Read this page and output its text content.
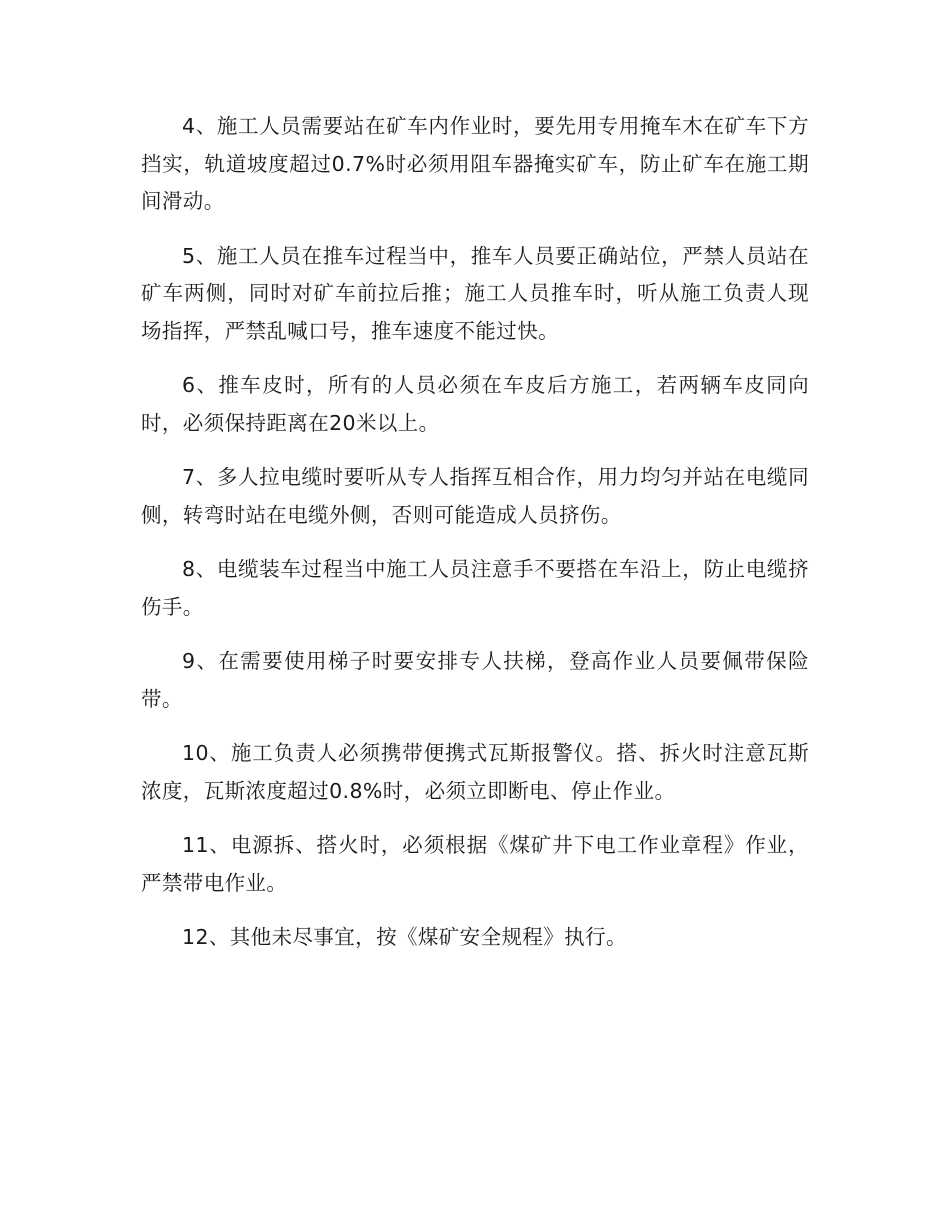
4、施工人员需要站在矿车内作业时，要先用专用掩车木在矿车下方挡实，轨道坡度超过0.7%时必须用阻车器掩实矿车，防止矿车在施工期间滑动。

5、施工人员在推车过程当中，推车人员要正确站位，严禁人员站在矿车两侧，同时对矿车前拉后推；施工人员推车时，听从施工负责人现场指挥，严禁乱喊口号，推车速度不能过快。

6、推车皮时，所有的人员必须在车皮后方施工，若两辆车皮同向时，必须保持距离在20米以上。

7、多人拉电缆时要听从专人指挥互相合作，用力均匀并站在电缆同侧，转弯时站在电缆外侧，否则可能造成人员挤伤。

8、电缆装车过程当中施工人员注意手不要搭在车沿上，防止电缆挤伤手。

9、在需要使用梯子时要安排专人扶梯，登高作业人员要佩带保险带。

10、施工负责人必须携带便携式瓦斯报警仪。搭、拆火时注意瓦斯浓度，瓦斯浓度超过0.8%时，必须立即断电、停止作业。

11、电源拆、搭火时，必须根据《煤矿井下电工作业章程》作业，严禁带电作业。

12、其他未尽事宜，按《煤矿安全规程》执行。
